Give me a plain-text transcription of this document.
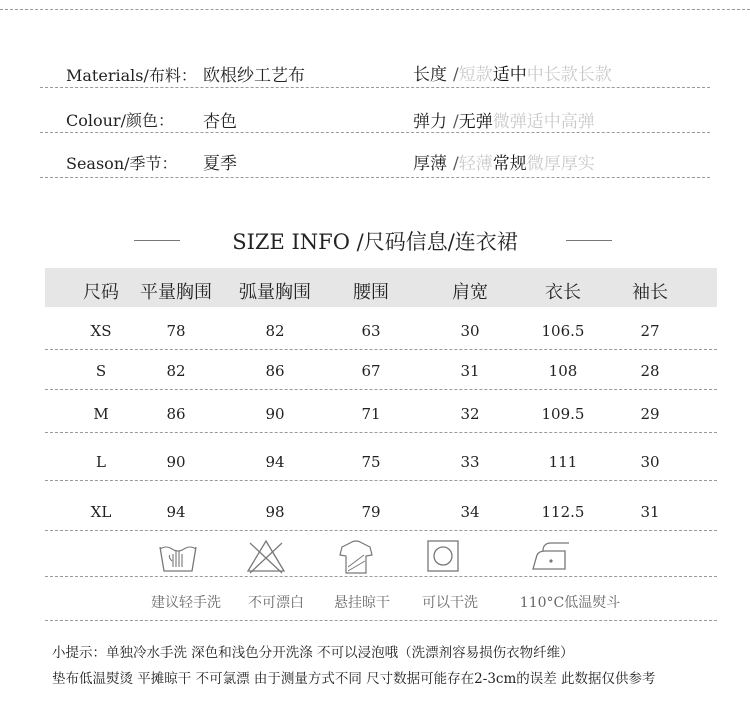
Materials/布料： 欧根纱工艺布
Colour/颜色： 杏色
Season/季节： 夏季
长度 /短款适中中长款长款
弹力 /无弹微弹适中高弹
厚薄 /轻薄常规微厚厚实
SIZE INFO /尺码信息/连衣裙
尺码	平量胸围	弧量胸围	腰围	肩宽	衣长	袖长
XS	78	82	63	30	106.5	27
S	82	86	67	31	108	28
M	86	90	71	32	109.5	29
L	90	94	75	33	111	30
XL	94	98	79	34	112.5	31
建议轻手洗	不可漂白	悬挂晾干	可以干洗	110°C低温熨斗
小提示：单独冷水手洗 深色和浅色分开洗涤 不可以浸泡哦（洗漂剂容易损伤衣物纤维）
垫布低温熨烫 平摊晾干 不可氯漂 由于测量方式不同 尺寸数据可能存在2-3cm的误差 此数据仅供参考
